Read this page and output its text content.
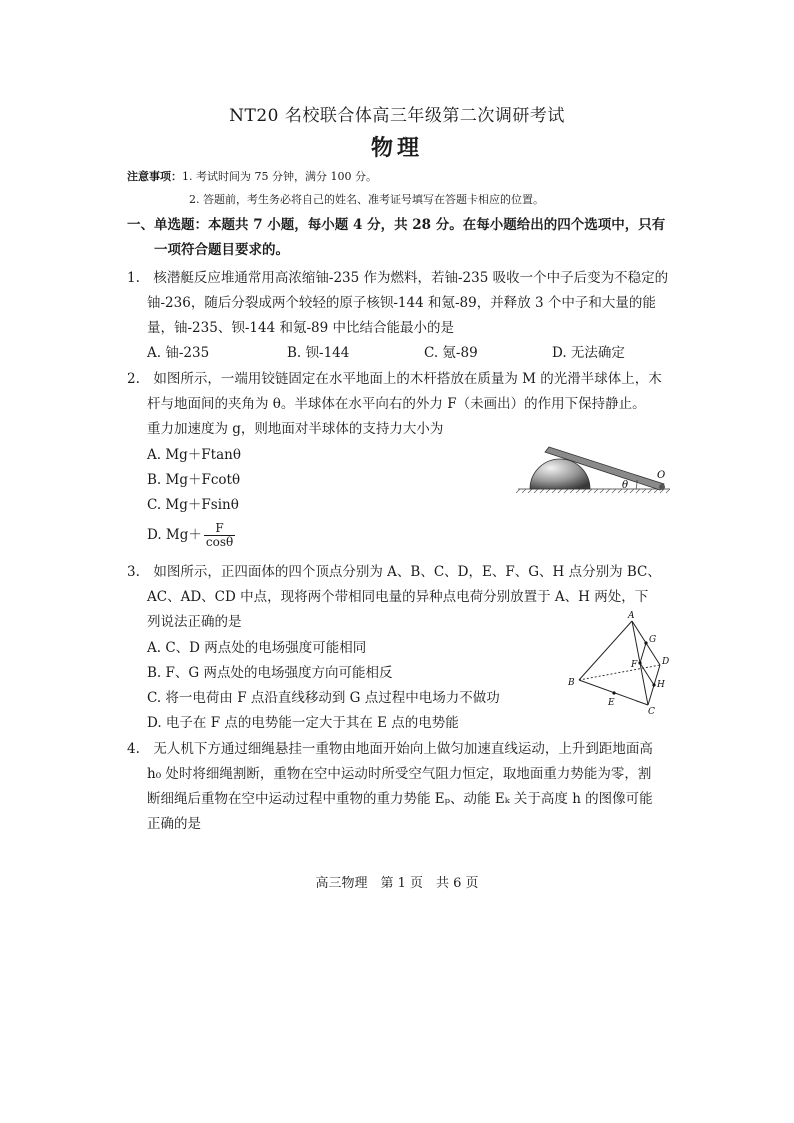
NT20 名校联合体高三年级第二次调研考试
物理
注意事项：1. 考试时间为 75 分钟，满分 100 分。
2. 答题前，考生务必将自己的姓名、准考证号填写在答题卡相应的位置。
一、单选题：本题共 7 小题，每小题 4 分，共 28 分。在每小题给出的四个选项中，只有
一项符合题目要求的。
1.　核潜艇反应堆通常用高浓缩铀-235 作为燃料，若铀-235 吸收一个中子后变为不稳定的
铀-236，随后分裂成两个较轻的原子核钡-144 和氪-89，并释放 3 个中子和大量的能
量，铀-235、钡-144 和氪-89 中比结合能最小的是
A. 铀-235	B. 钡-144	C. 氪-89	D. 无法确定
2.　如图所示，一端用铰链固定在水平地面上的木杆搭放在质量为 M 的光滑半球体上，木
杆与地面间的夹角为 θ。半球体在水平向右的外力 F（未画出）的作用下保持静止。
重力加速度为 g，则地面对半球体的支持力大小为
A. Mg＋Ftanθ
B. Mg＋Fcotθ
C. Mg＋Fsinθ
D. $Mg+ \frac{F}{\cos\theta}$
O
θ
3.　如图所示，正四面体的四个顶点分别为 A、B、C、D，E、F、G、H 点分别为 BC、
AC、AD、CD 中点，现将两个带相同电量的异种点电荷分别放置于 A、H 两处，下
列说法正确的是
A. C、D 两点处的电场强度可能相同
B. F、G 两点处的电场强度方向可能相反
C. 将一电荷由 F 点沿直线移动到 G 点过程中电场力不做功
D. 电子在 F 点的电势能一定大于其在 E 点的电势能
A
B
C
D
E
F
G
H
4.　无人机下方通过细绳悬挂一重物由地面开始向上做匀加速直线运动，上升到距地面高
h₀ 处时将细绳割断，重物在空中运动时所受空气阻力恒定，取地面重力势能为零，割
断细绳后重物在空中运动过程中重物的重力势能 Eₚ、动能 Eₖ 关于高度 h 的图像可能
正确的是
高三物理　第 1 页　共 6 页
